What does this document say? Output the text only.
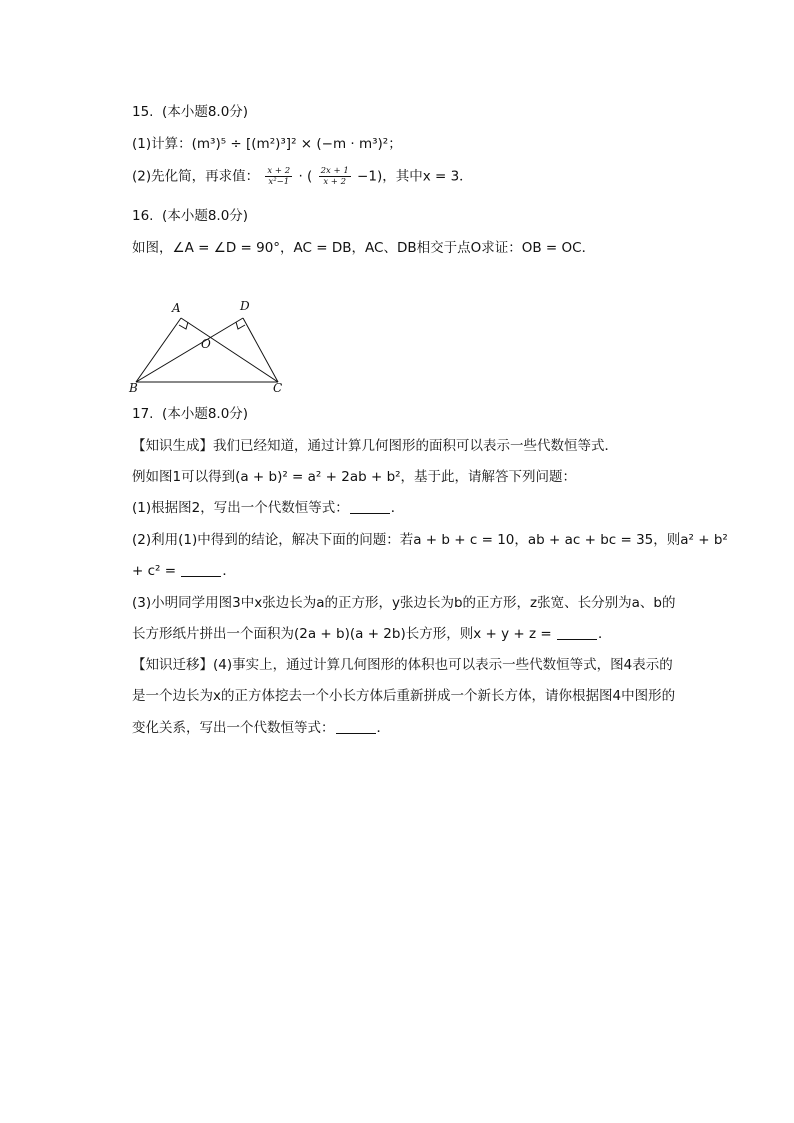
15.  (本小题8.0分)
(1)计算：(m³)⁵ ÷ [(m²)³]² × (−m · m³)²；
(2)先化简，再求值： $\frac{x + 2}{\text{x²−1}}$ · ( $\frac{2x + 1}{x + 2} -1$)，其中x = 3．
16.  (本小题8.0分)
如图，∠A = ∠D = 90°，AC = DB，AC、DB相交于点O求证：OB = OC．
A	D
O
B	C
17.  (本小题8.0分)
【知识生成】我们已经知道，通过计算几何图形的面积可以表示一些代数恒等式．
例如图1可以得到(a + b)² = a² + 2ab + b²，基于此，请解答下列问题：
(1)根据图2，写出一个代数恒等式：	．
(2)利用(1)中得到的结论，解决下面的问题：若a + b + c = 10，ab + ac + bc = 35，则a² + b²
+ c² =	．
(3)小明同学用图3中x张边长为a的正方形，y张边长为b的正方形，z张宽、长分别为a、b的
长方形纸片拼出一个面积为(2a + b)(a + 2b)长方形，则x + y + z =	．
【知识迁移】(4)事实上，通过计算几何图形的体积也可以表示一些代数恒等式，图4表示的
是一个边长为x的正方体挖去一个小长方体后重新拼成一个新长方体，请你根据图4中图形的
变化关系，写出一个代数恒等式：	．
